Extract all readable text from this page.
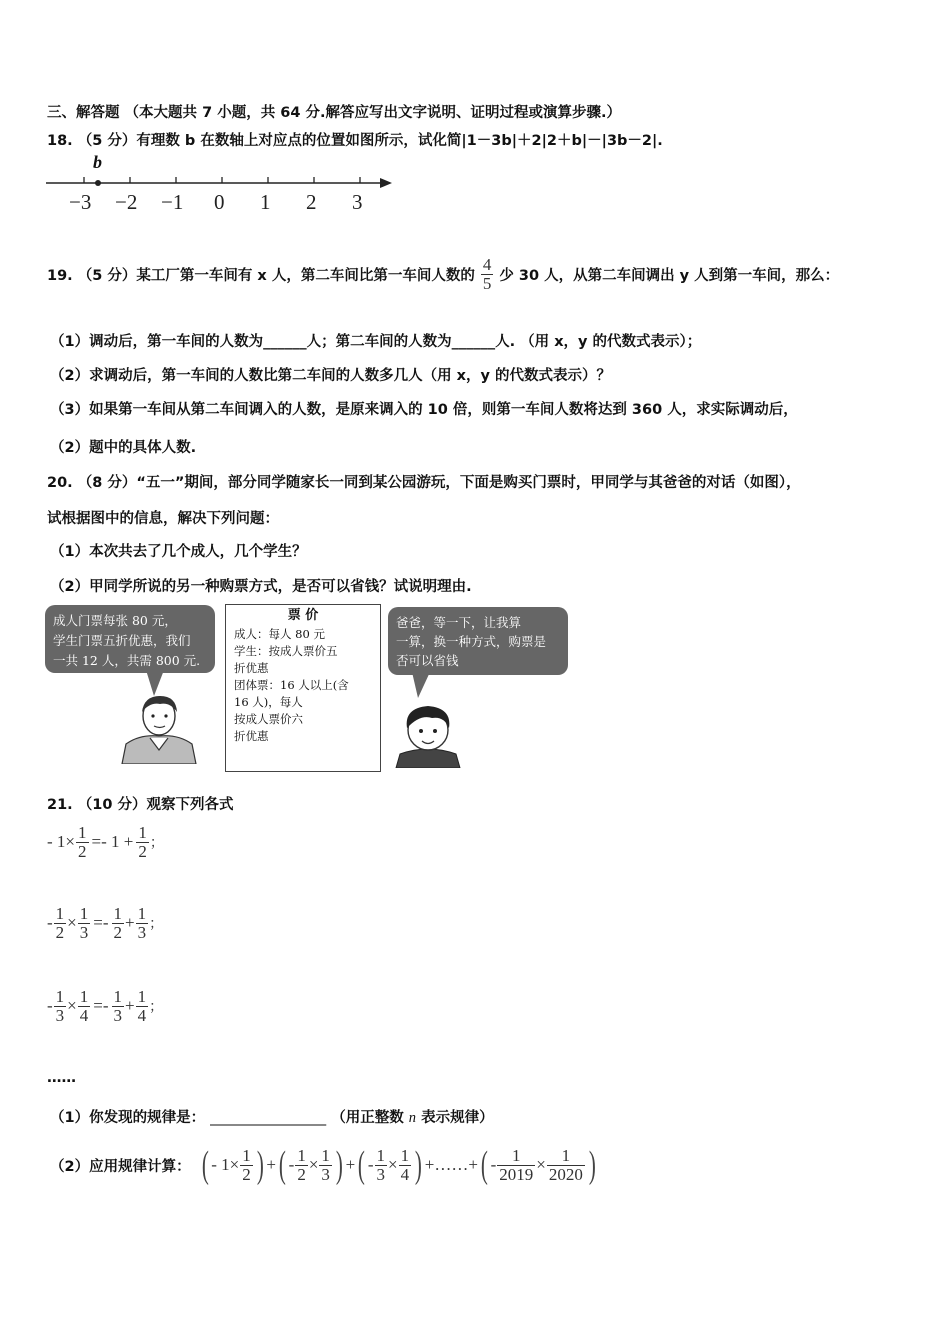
三、解答题 （本大题共 7 小题，共 64 分.解答应写出文字说明、证明过程或演算步骤.）
18. （5 分）有理数 b 在数轴上对应点的位置如图所示，试化简|1－3b|＋2|2＋b|－|3b－2|.
b
−3 −2 −1 0 1 2 3
19. （5 分）某工厂第一车间有 x 人，第二车间比第一车间人数的 $\frac{4}{5}$ 少 30 人，从第二车间调出 y 人到第一车间，那么：
（1）调动后，第一车间的人数为______人；第二车间的人数为______人. （用 x，y 的代数式表示）；
（2）求调动后，第一车间的人数比第二车间的人数多几人（用 x，y 的代数式表示）？
（3）如果第一车间从第二车间调入的人数，是原来调入的 10 倍，则第一车间人数将达到 360 人，求实际调动后，
（2）题中的具体人数.
20. （8 分）“五一”期间，部分同学随家长一同到某公园游玩，下面是购买门票时，甲同学与其爸爸的对话（如图），
试根据图中的信息，解决下列问题：
（1）本次共去了几个成人，几个学生？
（2）甲同学所说的另一种购票方式，是否可以省钱？试说明理由.
成人门票每张 80 元，
学生门票五折优惠，我们
一共 12 人，共需 800 元.
票 价
成人：每人 80 元
学生：按成人票价五
折优惠
团体票：16 人以上(含
16 人)，每人
按成人票价六
折优惠
爸爸，等一下，让我算
一算，换一种方式，购票是
否可以省钱
21. （10 分）观察下列各式
- $1\times \frac{1}{2} =- 1 + \frac{1}{2}$ ；
- $\frac{1}{2} \times \frac{1}{3} =- \frac{1}{2} + \frac{1}{3}$ ；
- $\frac{1}{3} \times \frac{1}{4} =- \frac{1}{3} + \frac{1}{4}$ ；
……
（1）你发现的规律是： ________________ （用正整数 n 表示规律）
（2）应用规律计算： ( - $1\times \frac{1}{2}$ ) + ( - $\frac{1}{2} \times \frac{1}{3}$ ) + ( - $\frac{1}{3} \times \frac{1}{4}$ ) +……+ ( - $\frac{1}{2019} \times \frac{1}{2020}$ )
